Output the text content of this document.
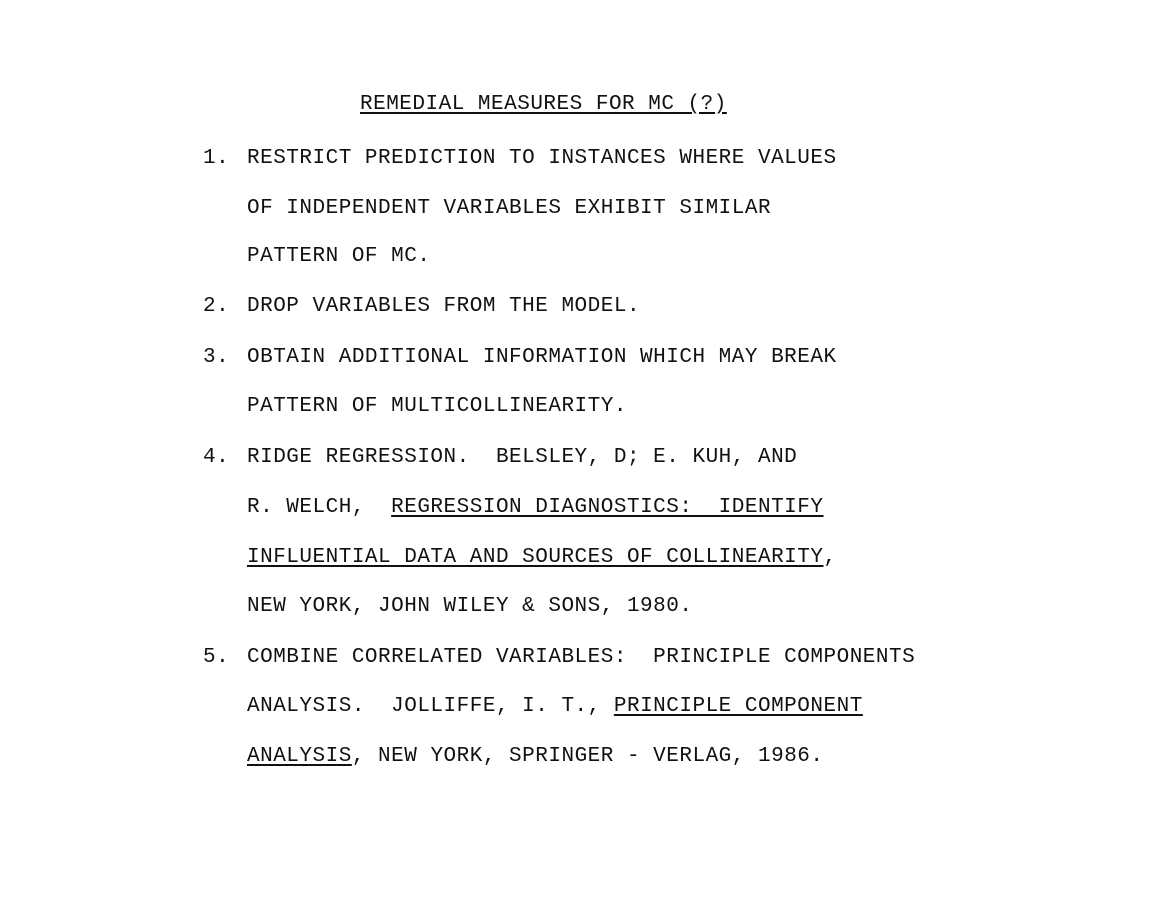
REMEDIAL MEASURES FOR MC (?)
1. RESTRICT PREDICTION TO INSTANCES WHERE VALUES
OF INDEPENDENT VARIABLES EXHIBIT SIMILAR
PATTERN OF MC.
2. DROP VARIABLES FROM THE MODEL.
3. OBTAIN ADDITIONAL INFORMATION WHICH MAY BREAK
PATTERN OF MULTICOLLINEARITY.
4. RIDGE REGRESSION.  BELSLEY, D; E. KUH, AND
R. WELCH,  REGRESSION DIAGNOSTICS:  IDENTIFY
INFLUENTIAL DATA AND SOURCES OF COLLINEARITY,
NEW YORK, JOHN WILEY & SONS, 1980.
5. COMBINE CORRELATED VARIABLES:  PRINCIPLE COMPONENTS
ANALYSIS.  JOLLIFFE, I. T., PRINCIPLE COMPONENT
ANALYSIS, NEW YORK, SPRINGER - VERLAG, 1986.
